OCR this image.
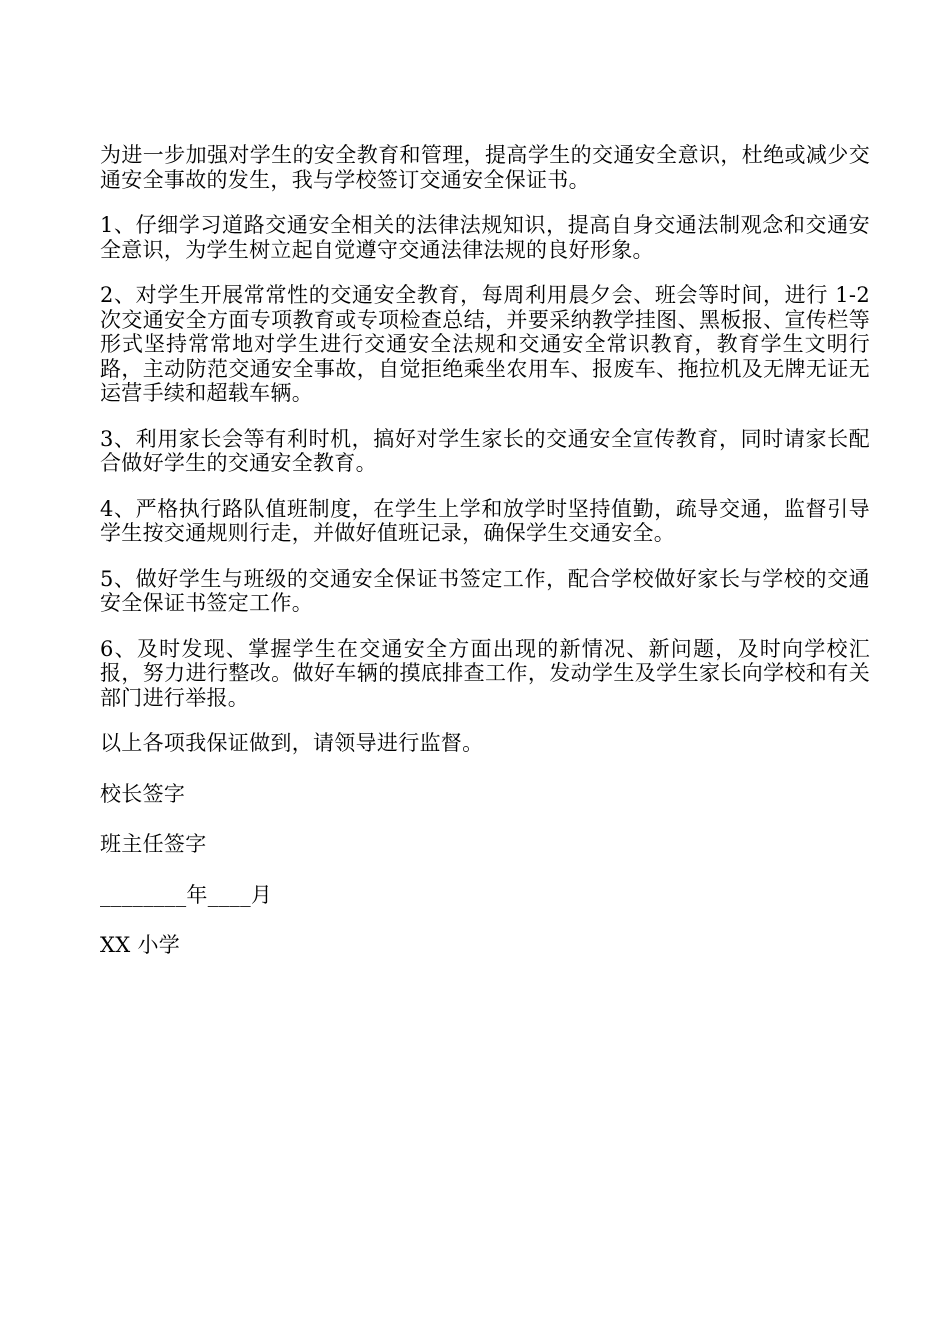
为进一步加强对学生的安全教育和管理，提高学生的交通安全意识，杜绝或减少交通安全事故的发生，我与学校签订交通安全保证书。

1、仔细学习道路交通安全相关的法律法规知识，提高自身交通法制观念和交通安全意识，为学生树立起自觉遵守交通法律法规的良好形象。

2、对学生开展常常性的交通安全教育，每周利用晨夕会、班会等时间，进行 1-2 次交通安全方面专项教育或专项检查总结，并要采纳教学挂图、黑板报、宣传栏等形式坚持常常地对学生进行交通安全法规和交通安全常识教育，教育学生文明行路，主动防范交通安全事故，自觉拒绝乘坐农用车、报废车、拖拉机及无牌无证无运营手续和超载车辆。

3、利用家长会等有利时机，搞好对学生家长的交通安全宣传教育，同时请家长配合做好学生的交通安全教育。

4、严格执行路队值班制度，在学生上学和放学时坚持值勤，疏导交通，监督引导学生按交通规则行走，并做好值班记录，确保学生交通安全。

5、做好学生与班级的交通安全保证书签定工作，配合学校做好家长与学校的交通安全保证书签定工作。

6、及时发现、掌握学生在交通安全方面出现的新情况、新问题，及时向学校汇报，努力进行整改。做好车辆的摸底排查工作，发动学生及学生家长向学校和有关部门进行举报。

以上各项我保证做到，请领导进行监督。

校长签字

班主任签字

________年____月

XX 小学
